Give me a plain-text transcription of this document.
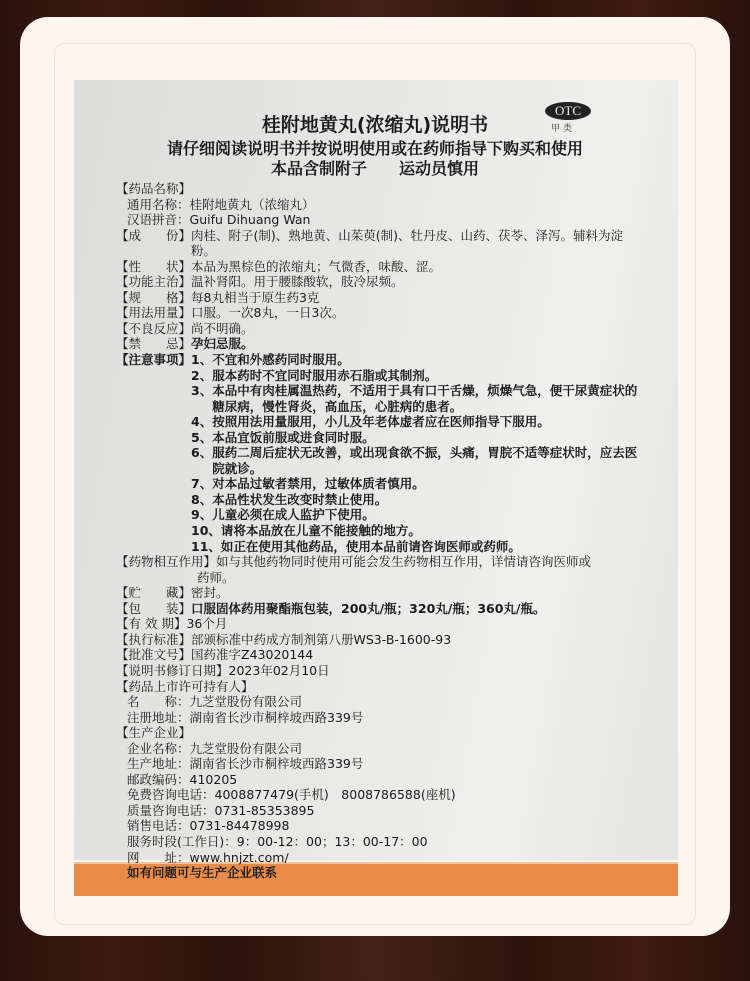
桂附地黄丸(浓缩丸)说明书
OTC
甲类
请仔细阅读说明书并按说明使用或在药师指导下购买和使用
本品含制附子　　运动员慎用
【药品名称】
通用名称： 桂附地黄丸（浓缩丸）
汉语拼音： Guifu Dihuang Wan
【成　　份】 肉桂、附子(制)、熟地黄、山茱萸(制)、牡丹皮、山药、茯苓、泽泻。辅料为淀粉。
【性　　状】 本品为黑棕色的浓缩丸；气微香，味酸、涩。
【功能主治】 温补肾阳。用于腰膝酸软，肢冷尿频。
【规　　格】 每8丸相当于原生药3克
【用法用量】 口服。一次8丸，一日3次。
【不良反应】 尚不明确。
【禁　　忌】 孕妇忌服。
【注意事项】 1、 不宜和外感药同时服用。
2、 服本药时不宜同时服用赤石脂或其制剂。
3、 本品中有肉桂属温热药，不适用于具有口干舌燥，烦燥气急，便干尿黄症状的糖尿病，慢性肾炎，高血压，心脏病的患者。
4、 按照用法用量服用，小儿及年老体虚者应在医师指导下服用。
5、 本品宜饭前服或进食同时服。
6、 服药二周后症状无改善，或出现食欲不振，头痛，胃脘不适等症状时，应去医院就诊。
7、 对本品过敏者禁用，过敏体质者慎用。
8、 本品性状发生改变时禁止使用。
9、 儿童必须在成人监护下使用。
10、 请将本品放在儿童不能接触的地方。
11、 如正在使用其他药品，使用本品前请咨询医师或药师。
【药物相互作用】 如与其他药物同时使用可能会发生药物相互作用，详情请咨询医师或
药师。
【贮　　藏】 密封。
【包　　装】 口服固体药用聚酯瓶包装，200丸/瓶；320丸/瓶；360丸/瓶。
【有 效 期】 36个月
【执行标准】 部颁标准中药成方制剂第八册WS3-B-1600-93
【批准文号】 国药准字Z43020144
【说明书修订日期】 2023年02月10日
【药品上市许可持有人】
名　　称： 九芝堂股份有限公司
注册地址： 湖南省长沙市桐梓坡西路339号
【生产企业】
企业名称： 九芝堂股份有限公司
生产地址： 湖南省长沙市桐梓坡西路339号
邮政编码： 410205
免费咨询电话： 4008877479(手机)　8008786588(座机)
质量咨询电话： 0731-85353895
销售电话： 0731-84478998
服务时段(工作日)： 9：00-12：00；13：00-17：00
网　　址： www.hnjzt.com/
如有问题可与生产企业联系
